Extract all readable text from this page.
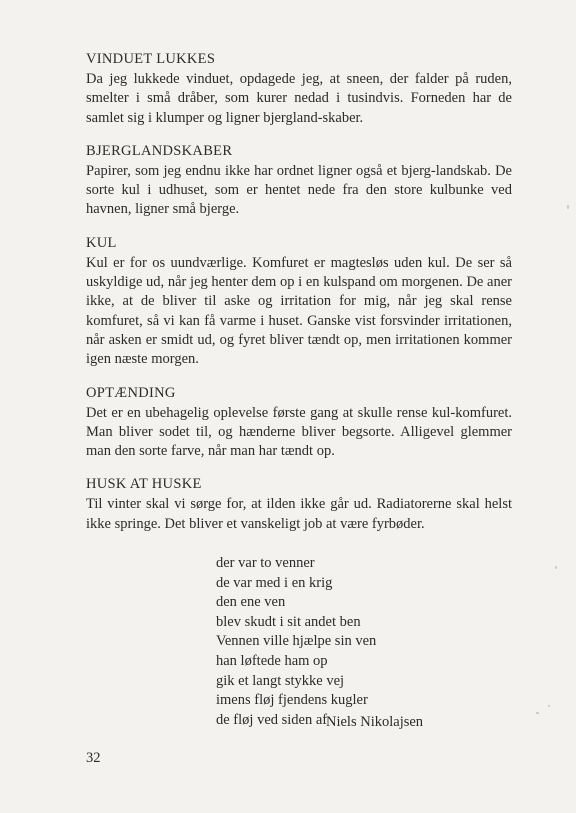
VINDUET LUKKES

Da jeg lukkede vinduet, opdagede jeg, at sneen, der falder på ruden, smelter i små dråber, som kurer nedad i tusindvis. Forneden har de samlet sig i klumper og ligner bjergland-skaber.

BJERGLANDSKABER

Papirer, som jeg endnu ikke har ordnet ligner også et bjerg-landskab. De sorte kul i udhuset, som er hentet nede fra den store kulbunke ved havnen, ligner små bjerge.

KUL

Kul er for os uundværlige. Komfuret er magtesløs uden kul. De ser så uskyldige ud, når jeg henter dem op i en kulspand om morgenen. De aner ikke, at de bliver til aske og irritation for mig, når jeg skal rense komfuret, så vi kan få varme i huset. Ganske vist forsvinder irritationen, når asken er smidt ud, og fyret bliver tændt op, men irritationen kommer igen næste morgen.

OPTÆNDING

Det er en ubehagelig oplevelse første gang at skulle rense kul-komfuret. Man bliver sodet til, og hænderne bliver begsorte. Alligevel glemmer man den sorte farve, når man har tændt op.

HUSK AT HUSKE

Til vinter skal vi sørge for, at ilden ikke går ud. Radiatorerne skal helst ikke springe. Det bliver et vanskeligt job at være fyrbøder.

der var to venner
de var med i en krig
den ene ven
blev skudt i sit andet ben
Vennen ville hjælpe sin ven
han løftede ham op
gik et langt stykke vej
imens fløj fjendens kugler
de fløj ved siden af
Niels Nikolajsen
32
